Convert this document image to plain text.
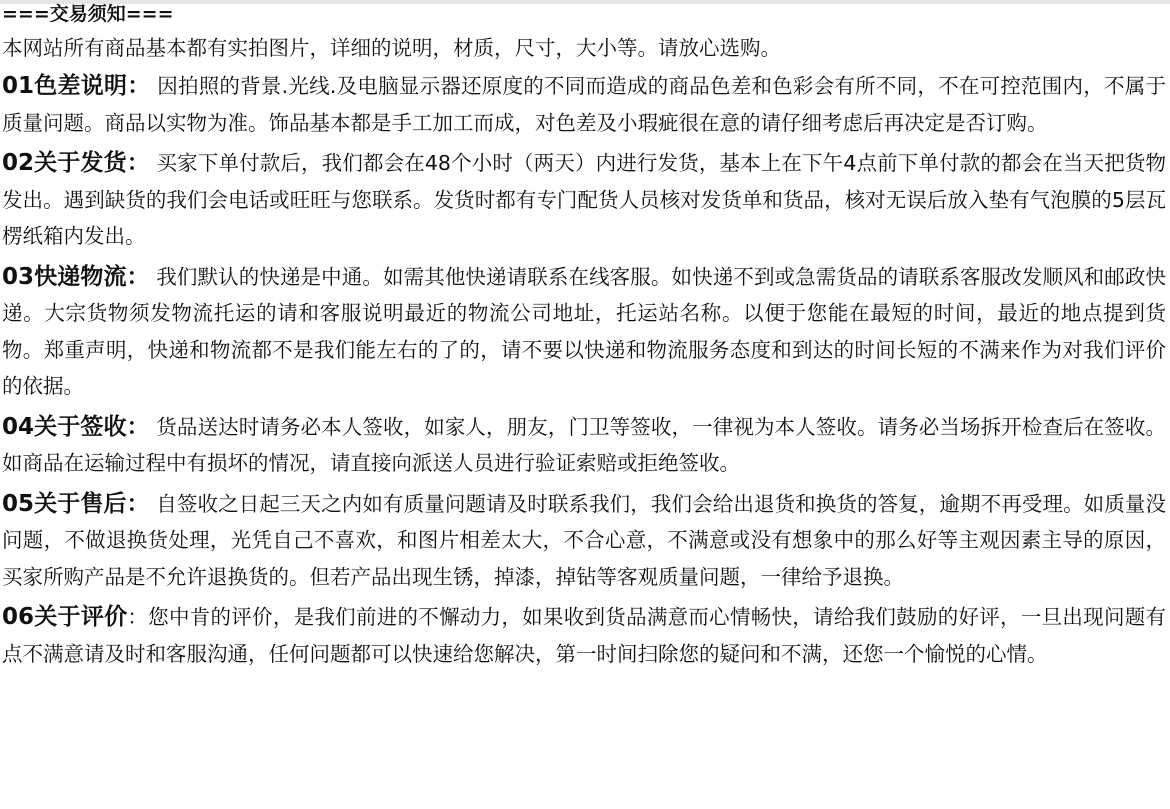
===交易须知===
本网站所有商品基本都有实拍图片，详细的说明，材质，尺寸，大小等。请放心选购。
01色差说明： 因拍照的背景.光线.及电脑显示器还原度的不同而造成的商品色差和色彩会有所不同，不在可控范围内，不属于质量问题。商品以实物为准。饰品基本都是手工加工而成，对色差及小瑕疵很在意的请仔细考虑后再决定是否订购。
02关于发货： 买家下单付款后，我们都会在48个小时（两天）内进行发货，基本上在下午4点前下单付款的都会在当天把货物发出。遇到缺货的我们会电话或旺旺与您联系。发货时都有专门配货人员核对发货单和货品，核对无误后放入垫有气泡膜的5层瓦楞纸箱内发出。
03快递物流： 我们默认的快递是中通。如需其他快递请联系在线客服。如快递不到或急需货品的请联系客服改发顺风和邮政快递。大宗货物须发物流托运的请和客服说明最近的物流公司地址，托运站名称。以便于您能在最短的时间，最近的地点提到货物。郑重声明，快递和物流都不是我们能左右的了的，请不要以快递和物流服务态度和到达的时间长短的不满来作为对我们评价的依据。
04关于签收： 货品送达时请务必本人签收，如家人，朋友，门卫等签收，一律视为本人签收。请务必当场拆开检查后在签收。如商品在运输过程中有损坏的情况，请直接向派送人员进行验证索赔或拒绝签收。
05关于售后： 自签收之日起三天之内如有质量问题请及时联系我们，我们会给出退货和换货的答复，逾期不再受理。如质量没问题，不做退换货处理，光凭自己不喜欢，和图片相差太大，不合心意，不满意或没有想象中的那么好等主观因素主导的原因，买家所购产品是不允许退换货的。但若产品出现生锈，掉漆，掉钻等客观质量问题，一律给予退换。
06关于评价：您中肯的评价，是我们前进的不懈动力，如果收到货品满意而心情畅快，请给我们鼓励的好评，一旦出现问题有点不满意请及时和客服沟通，任何问题都可以快速给您解决，第一时间扫除您的疑问和不满，还您一个愉悦的心情。
